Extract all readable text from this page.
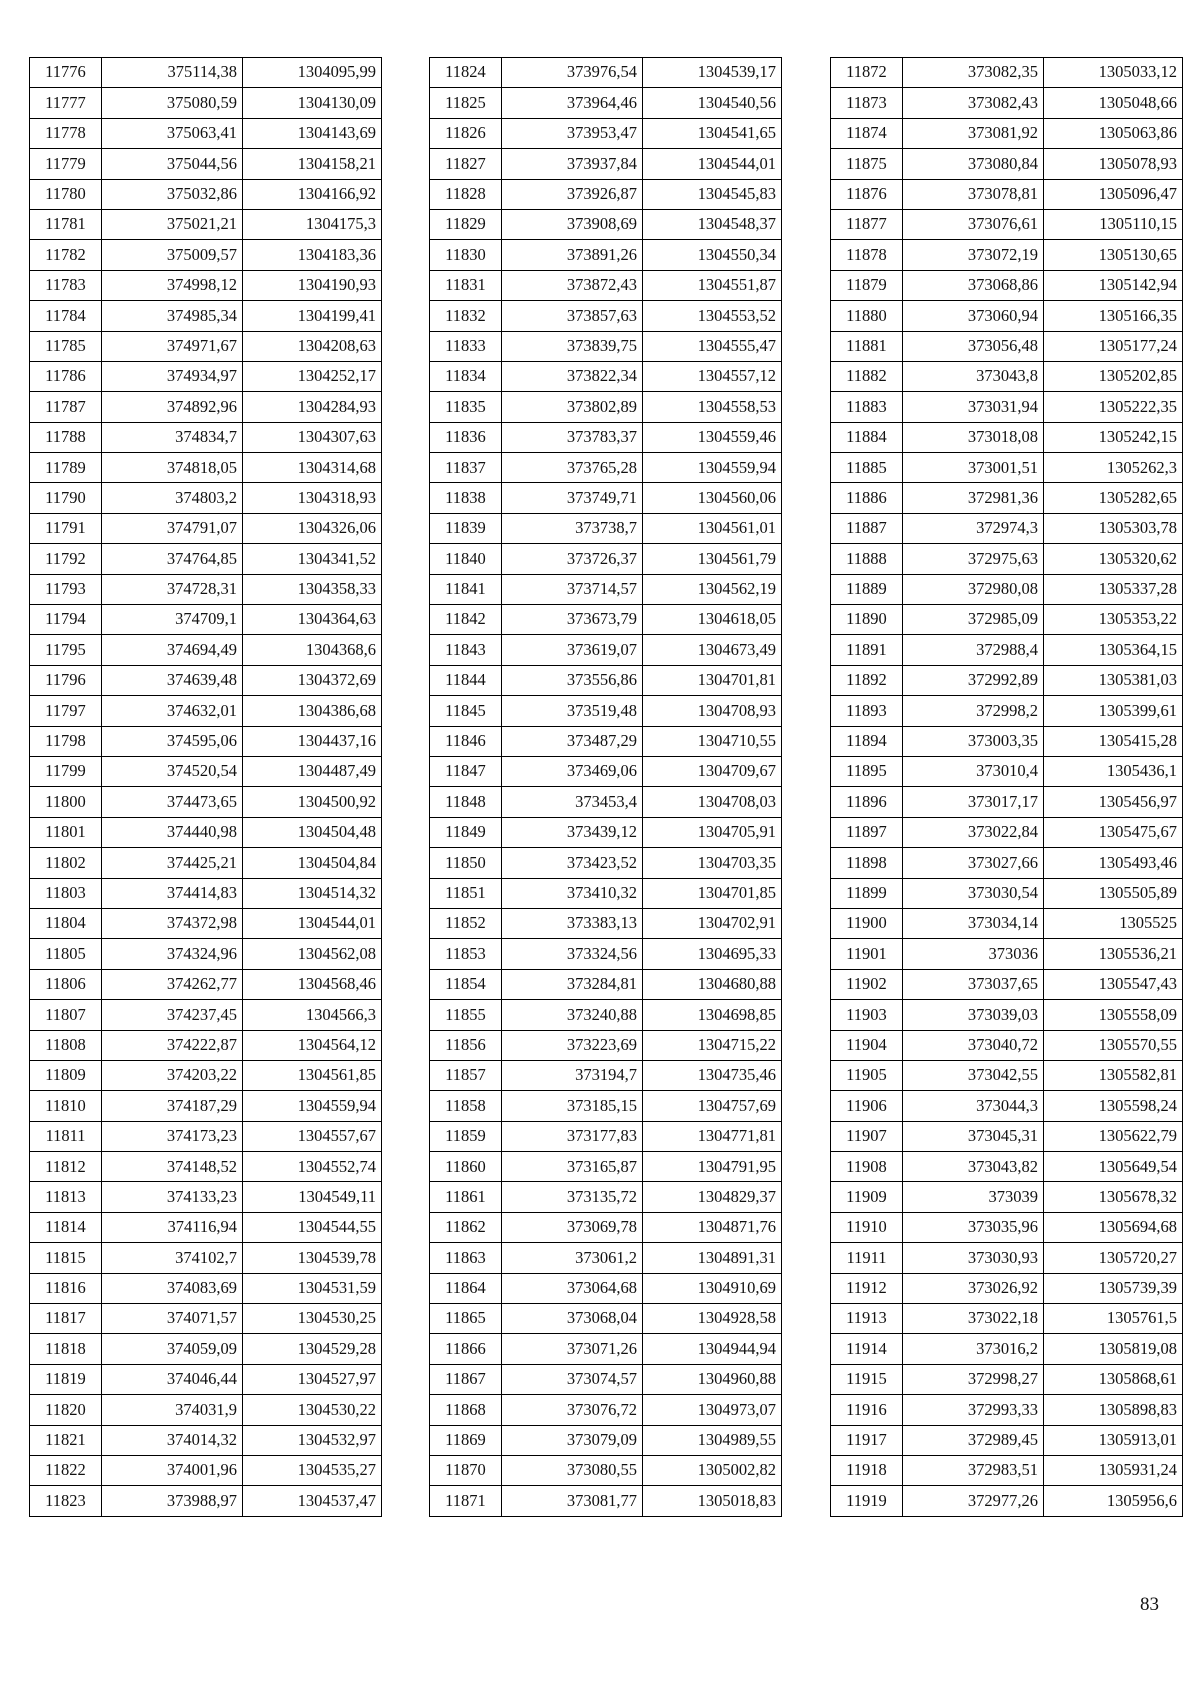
11776	375114,38	1304095,99
11777	375080,59	1304130,09
11778	375063,41	1304143,69
11779	375044,56	1304158,21
11780	375032,86	1304166,92
11781	375021,21	1304175,3
11782	375009,57	1304183,36
11783	374998,12	1304190,93
11784	374985,34	1304199,41
11785	374971,67	1304208,63
11786	374934,97	1304252,17
11787	374892,96	1304284,93
11788	374834,7	1304307,63
11789	374818,05	1304314,68
11790	374803,2	1304318,93
11791	374791,07	1304326,06
11792	374764,85	1304341,52
11793	374728,31	1304358,33
11794	374709,1	1304364,63
11795	374694,49	1304368,6
11796	374639,48	1304372,69
11797	374632,01	1304386,68
11798	374595,06	1304437,16
11799	374520,54	1304487,49
11800	374473,65	1304500,92
11801	374440,98	1304504,48
11802	374425,21	1304504,84
11803	374414,83	1304514,32
11804	374372,98	1304544,01
11805	374324,96	1304562,08
11806	374262,77	1304568,46
11807	374237,45	1304566,3
11808	374222,87	1304564,12
11809	374203,22	1304561,85
11810	374187,29	1304559,94
11811	374173,23	1304557,67
11812	374148,52	1304552,74
11813	374133,23	1304549,11
11814	374116,94	1304544,55
11815	374102,7	1304539,78
11816	374083,69	1304531,59
11817	374071,57	1304530,25
11818	374059,09	1304529,28
11819	374046,44	1304527,97
11820	374031,9	1304530,22
11821	374014,32	1304532,97
11822	374001,96	1304535,27
11823	373988,97	1304537,47
11824	373976,54	1304539,17
11825	373964,46	1304540,56
11826	373953,47	1304541,65
11827	373937,84	1304544,01
11828	373926,87	1304545,83
11829	373908,69	1304548,37
11830	373891,26	1304550,34
11831	373872,43	1304551,87
11832	373857,63	1304553,52
11833	373839,75	1304555,47
11834	373822,34	1304557,12
11835	373802,89	1304558,53
11836	373783,37	1304559,46
11837	373765,28	1304559,94
11838	373749,71	1304560,06
11839	373738,7	1304561,01
11840	373726,37	1304561,79
11841	373714,57	1304562,19
11842	373673,79	1304618,05
11843	373619,07	1304673,49
11844	373556,86	1304701,81
11845	373519,48	1304708,93
11846	373487,29	1304710,55
11847	373469,06	1304709,67
11848	373453,4	1304708,03
11849	373439,12	1304705,91
11850	373423,52	1304703,35
11851	373410,32	1304701,85
11852	373383,13	1304702,91
11853	373324,56	1304695,33
11854	373284,81	1304680,88
11855	373240,88	1304698,85
11856	373223,69	1304715,22
11857	373194,7	1304735,46
11858	373185,15	1304757,69
11859	373177,83	1304771,81
11860	373165,87	1304791,95
11861	373135,72	1304829,37
11862	373069,78	1304871,76
11863	373061,2	1304891,31
11864	373064,68	1304910,69
11865	373068,04	1304928,58
11866	373071,26	1304944,94
11867	373074,57	1304960,88
11868	373076,72	1304973,07
11869	373079,09	1304989,55
11870	373080,55	1305002,82
11871	373081,77	1305018,83
11872	373082,35	1305033,12
11873	373082,43	1305048,66
11874	373081,92	1305063,86
11875	373080,84	1305078,93
11876	373078,81	1305096,47
11877	373076,61	1305110,15
11878	373072,19	1305130,65
11879	373068,86	1305142,94
11880	373060,94	1305166,35
11881	373056,48	1305177,24
11882	373043,8	1305202,85
11883	373031,94	1305222,35
11884	373018,08	1305242,15
11885	373001,51	1305262,3
11886	372981,36	1305282,65
11887	372974,3	1305303,78
11888	372975,63	1305320,62
11889	372980,08	1305337,28
11890	372985,09	1305353,22
11891	372988,4	1305364,15
11892	372992,89	1305381,03
11893	372998,2	1305399,61
11894	373003,35	1305415,28
11895	373010,4	1305436,1
11896	373017,17	1305456,97
11897	373022,84	1305475,67
11898	373027,66	1305493,46
11899	373030,54	1305505,89
11900	373034,14	1305525
11901	373036	1305536,21
11902	373037,65	1305547,43
11903	373039,03	1305558,09
11904	373040,72	1305570,55
11905	373042,55	1305582,81
11906	373044,3	1305598,24
11907	373045,31	1305622,79
11908	373043,82	1305649,54
11909	373039	1305678,32
11910	373035,96	1305694,68
11911	373030,93	1305720,27
11912	373026,92	1305739,39
11913	373022,18	1305761,5
11914	373016,2	1305819,08
11915	372998,27	1305868,61
11916	372993,33	1305898,83
11917	372989,45	1305913,01
11918	372983,51	1305931,24
11919	372977,26	1305956,6
83
